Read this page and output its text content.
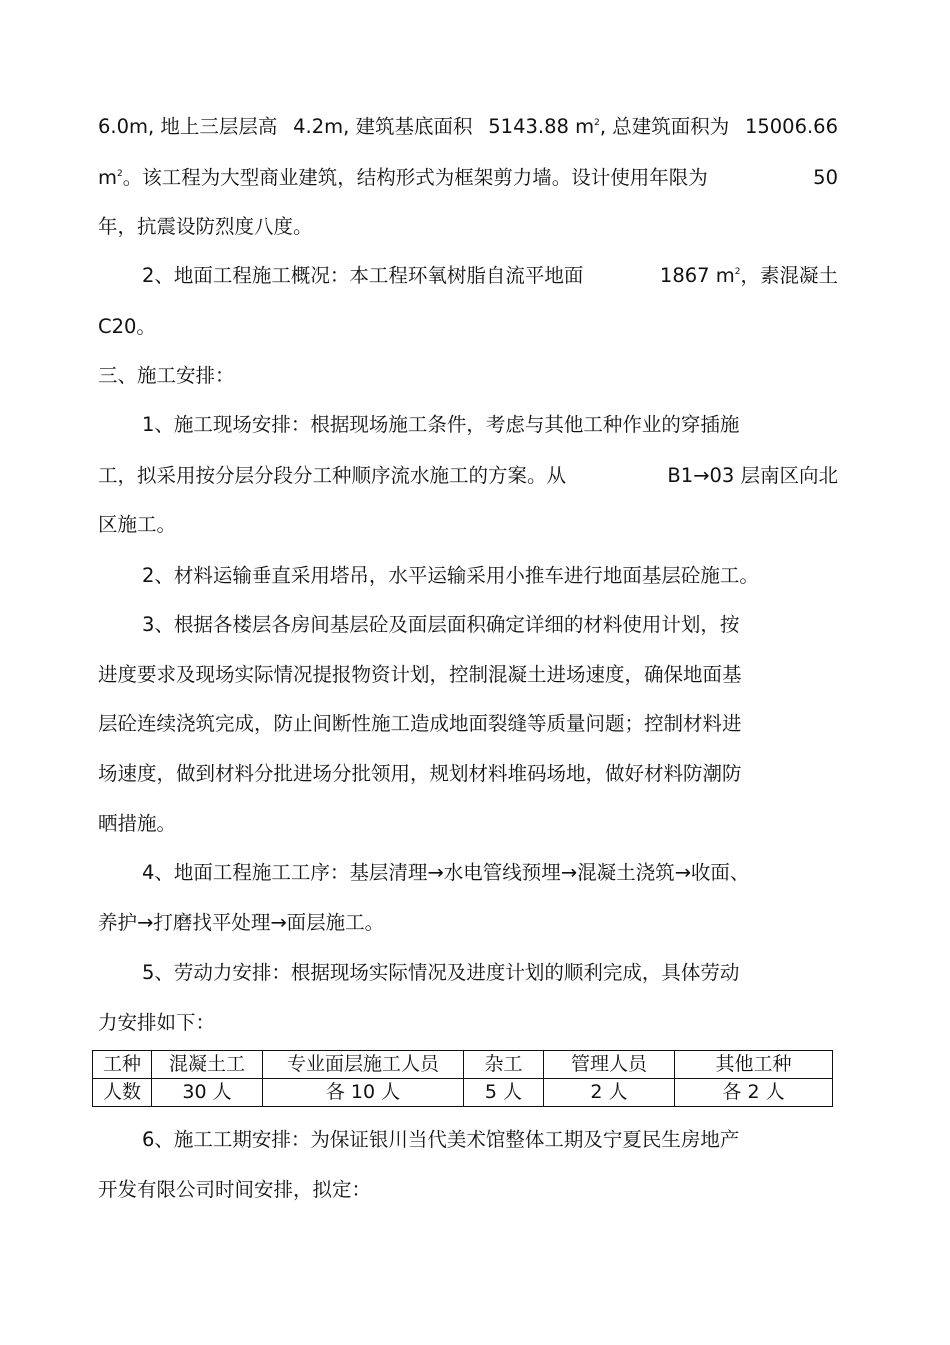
6.0m, 地上三层层高 4.2m, 建筑基底面积 5143.88 $m^2$, 总建筑面积为 15006.66
$m^2$。该工程为大型商业建筑，结构形式为框架剪力墙。设计使用年限为	50
年，抗震设防烈度八度。
2、地面工程施工概况：本工程环氧树脂自流平地面	1867 $m^2$，素混凝土
C20。
三、施工安排：
1、施工现场安排：根据现场施工条件，考虑与其他工种作业的穿插施
工，拟采用按分层分段分工种顺序流水施工的方案。从	B1→03 层南区向北
区施工。
2、材料运输垂直采用塔吊，水平运输采用小推车进行地面基层砼施工。
3、根据各楼层各房间基层砼及面层面积确定详细的材料使用计划，按
进度要求及现场实际情况提报物资计划，控制混凝土进场速度，确保地面基
层砼连续浇筑完成，防止间断性施工造成地面裂缝等质量问题；控制材料进
场速度，做到材料分批进场分批领用，规划材料堆码场地，做好材料防潮防
晒措施。
4、地面工程施工工序：基层清理→水电管线预埋→混凝土浇筑→收面、
养护→打磨找平处理→面层施工。
5、劳动力安排：根据现场实际情况及进度计划的顺利完成，具体劳动
力安排如下：
工种	混凝土工	专业面层施工人员	杂工	管理人员	其他工种
人数	30 人	各 10 人	5 人	2 人	各 2 人
6、施工工期安排：为保证银川当代美术馆整体工期及宁夏民生房地产
开发有限公司时间安排，拟定：
